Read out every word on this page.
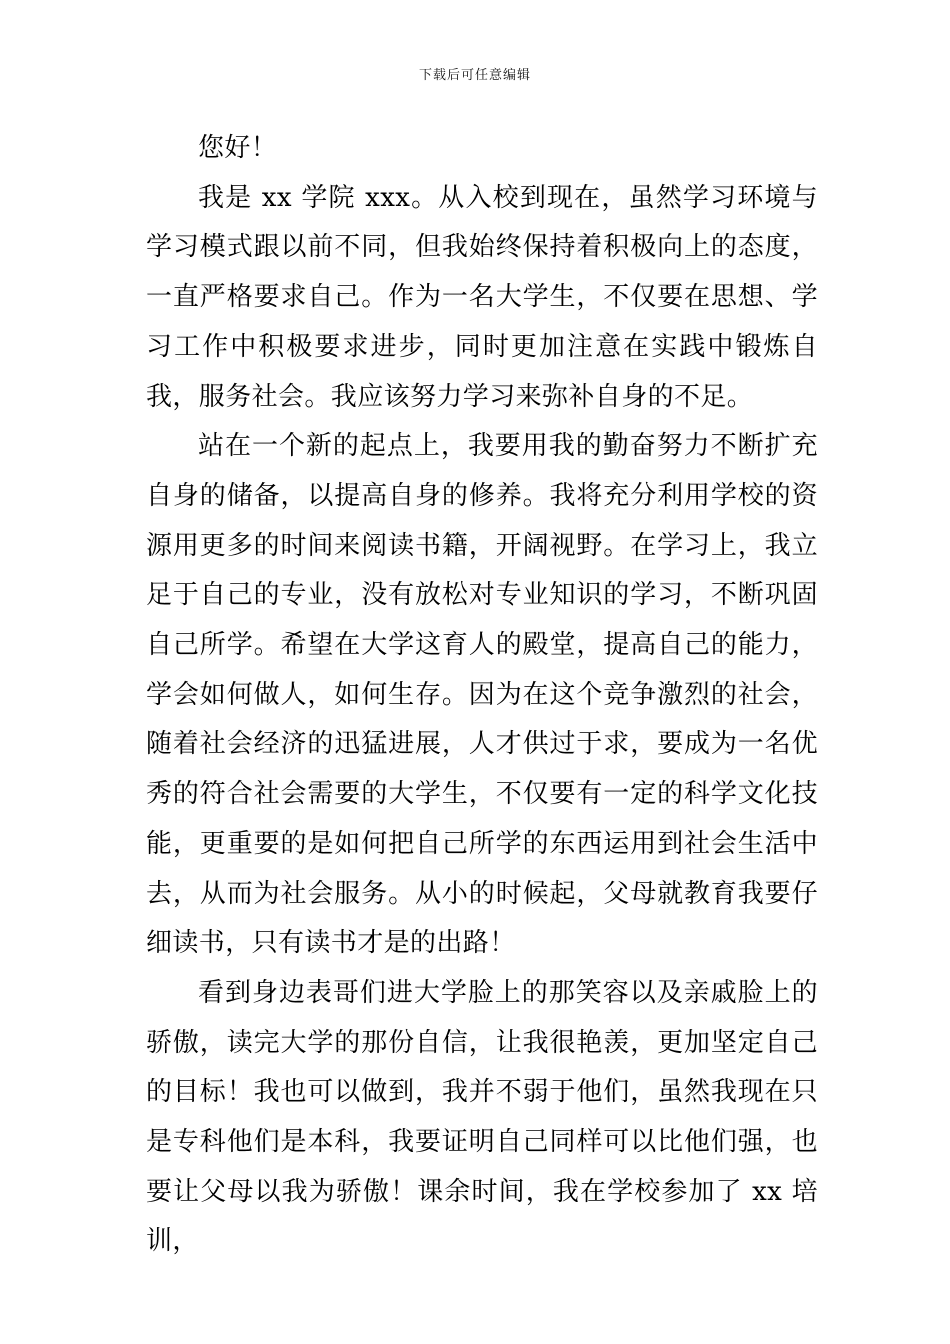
下载后可任意编辑

您好！

我是 xx 学院 xxx。从入校到现在，虽然学习环境与学习模式跟以前不同，但我始终保持着积极向上的态度，一直严格要求自己。作为一名大学生，不仅要在思想、学习工作中积极要求进步，同时更加注意在实践中锻炼自我，服务社会。我应该努力学习来弥补自身的不足。

站在一个新的起点上，我要用我的勤奋努力不断扩充自身的储备，以提高自身的修养。我将充分利用学校的资源用更多的时间来阅读书籍，开阔视野。在学习上，我立足于自己的专业，没有放松对专业知识的学习，不断巩固自己所学。希望在大学这育人的殿堂，提高自己的能力，学会如何做人，如何生存。因为在这个竞争激烈的社会，随着社会经济的迅猛进展，人才供过于求，要成为一名优秀的符合社会需要的大学生，不仅要有一定的科学文化技能，更重要的是如何把自己所学的东西运用到社会生活中去，从而为社会服务。从小的时候起，父母就教育我要仔细读书，只有读书才是的出路！

看到身边表哥们进大学脸上的那笑容以及亲戚脸上的骄傲，读完大学的那份自信，让我很艳羡，更加坚定自己的目标！我也可以做到，我并不弱于他们，虽然我现在只是专科他们是本科，我要证明自己同样可以比他们强，也要让父母以我为骄傲！课余时间，我在学校参加了 xx 培训，
